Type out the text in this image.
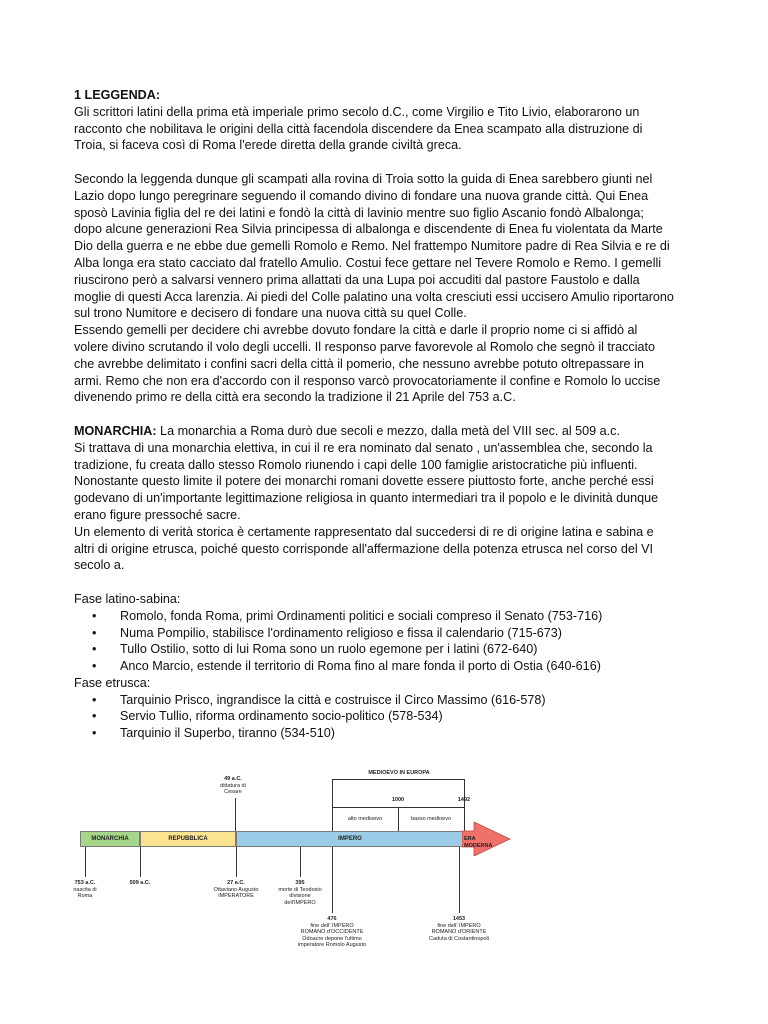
1 LEGGENDA:

Gli scrittori latini della prima età imperiale primo secolo d.C., come Virgilio e Tito Livio, elaborarono un

racconto che nobilitava le origini della città facendola discendere da Enea scampato alla distruzione di

Troia, si faceva così di Roma l'erede diretta della grande civiltà greca.

Secondo la leggenda dunque gli scampati alla rovina di Troia sotto la guida di Enea sarebbero giunti nel

Lazio dopo lungo peregrinare seguendo il comando divino di fondare una nuova grande città. Qui Enea

sposò Lavinia figlia del re dei latini e fondò la città di lavinio mentre suo figlio Ascanio fondò Albalonga;

dopo alcune generazioni Rea Silvia principessa di albalonga e discendente di Enea fu violentata da Marte

Dio della guerra e ne ebbe due gemelli Romolo e Remo. Nel frattempo Numitore padre di Rea Silvia e re di

Alba longa era stato cacciato dal fratello Amulio. Costui fece gettare nel Tevere Romolo e Remo. I gemelli

riuscirono però a salvarsi vennero prima allattati da una Lupa poi accuditi dal pastore Faustolo e dalla

moglie di questi Acca larenzia. Ai piedi del Colle palatino una volta cresciuti essi uccisero Amulio riportarono

sul trono Numitore e decisero di fondare una nuova città su quel Colle.

Essendo gemelli per decidere chi avrebbe dovuto fondare la città e darle il proprio nome ci si affidò al

volere divino scrutando il volo degli uccelli. Il responso parve favorevole al Romolo che segnò il tracciato

che avrebbe delimitato i confini sacri della città il pomerio, che nessuno avrebbe potuto oltrepassare in

armi. Remo che non era d'accordo con il responso varcò provocatoriamente il confine e Romolo lo uccise

divenendo primo re della città era secondo la tradizione il 21 Aprile del 753 a.C.

MONARCHIA: La monarchia a Roma durò due secoli e mezzo, dalla metà del VIII sec. al 509 a.c.

Si trattava di una monarchia elettiva, in cui il re era nominato dal senato , un'assemblea che, secondo la

tradizione, fu creata dallo stesso Romolo riunendo i capi delle 100 famiglie aristocratiche più influenti.

Nonostante questo limite il potere dei monarchi romani dovette essere piuttosto forte, anche perché essi

godevano di un'importante legittimazione religiosa in quanto intermediari tra il popolo e le divinità dunque

erano figure pressoché sacre.

Un elemento di verità storica è certamente rappresentato dal succedersi di re di origine latina e sabina e

altri di origine etrusca, poiché questo corrisponde all'affermazione della potenza etrusca nel corso del VI

secolo a.

Fase latino-sabina:

• Romolo, fonda Roma, primi Ordinamenti politici e sociali compreso il Senato (753-716)
• Numa Pompilio, stabilisce l'ordinamento religioso e fissa il calendario (715-673)
• Tullo Ostilio, sotto di lui Roma sono un ruolo egemone per i latini (672-640)
• Anco Marcio, estende il territorio di Roma fino al mare fonda il porto di Ostia (640-616)

Fase etrusca:

• Tarquinio Prisco, ingrandisce la città e costruisce il Circo Massimo (616-578)
• Servio Tullio, riforma ordinamento socio-politico (578-534)
• Tarquinio il Superbo, tiranno (534-510)
MEDIOEVO IN EUROPA
1000	1492
alto medioevo	basso medioevo
49 a.C.
dittatura di
Cesare
MONARCHIA	REPUBBLICA	IMPERO	ERA
MODERNA
753 a.C.
nascita di
Roma
509 a.C.	27 a.C.
Ottaviano Augusto
IMPERATORE
395
morte di Teodosio
divisione
dell'IMPERO
476
fine dell' IMPERO
ROMANO d'OCCIDENTE
Odoacre depone l'ultimo
imperatore Romolo Augusto
1453
fine dell' IMPERO
ROMANO d'ORIENTE
Caduta di Costantinopoli
